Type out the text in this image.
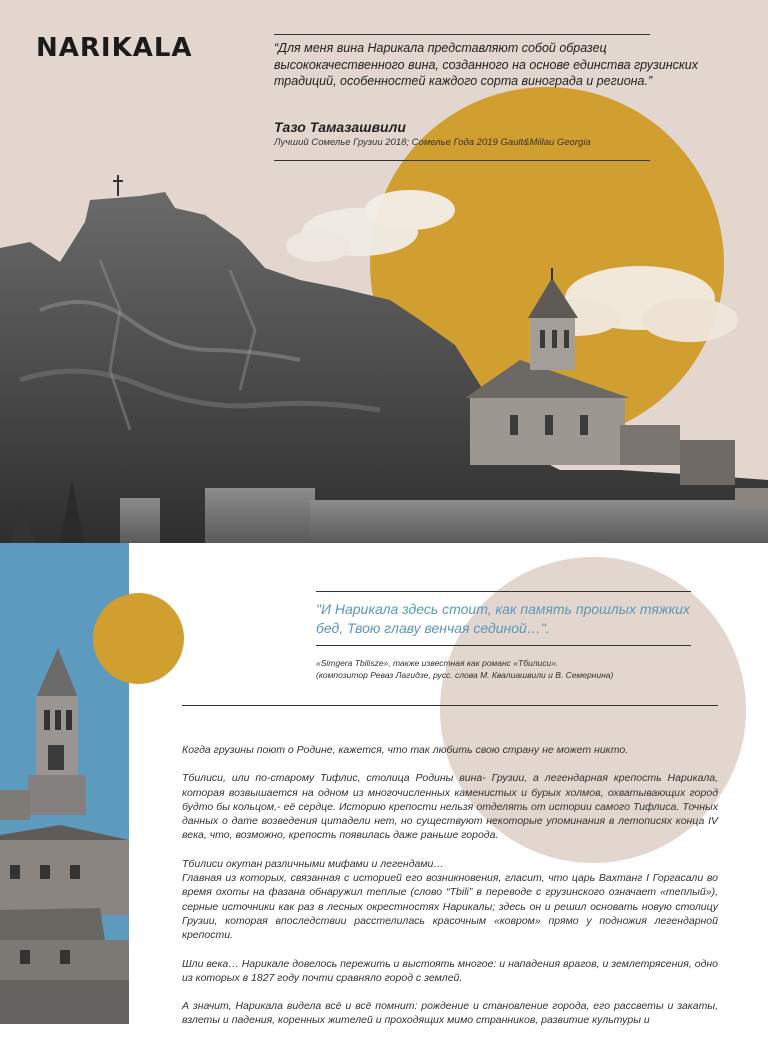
NARIKALA	“Для меня вина Нарикала представляют собой образец высококачественного вина, созданного на основе единства грузинских традиций, особенностей каждого сорта винограда и региона.”
Тазо Тамазашвили
Лучший Сомелье Грузии 2018; Сомелье Года 2019 Gault&Millau Georgia
"И Нарикала здесь стоит, как память прошлых тяжких бед, Твою главу венчая сединой…".
«Simgera Tbilisze», также известная как романс «Тбилиси».
(композитор Реваз Лагидзе, русс. слова М. Квалиашвили и В. Семернина)

Когда грузины поют о Родине, кажется, что так любить свою страну не может никто.

Тбилиси, или по-старому Тифлис, столица Родины вина- Грузии, а легендарная крепость Нарикала, которая возвышается на одном из многочисленных каменистых и бурых холмов, охватывающих город будто бы кольцом,- её сердце. Историю крепости нельзя отделять от истории самого Тифлиса. Точных данных о дате возведения цитадели нет, но существуют некоторые упоминания в летописях конца IV века, что, возможно, крепость появилась даже раньше города.

Тбилиси окутан различными мифами и легендами…
Главная из которых, связанная с историей его возникновения, гласит, что царь Вахтанг I Горгасали во время охоты на фазана обнаружил теплые (слово “Tbili” в переводе с грузинского означает «теплый»), серные источники как раз в лесных окрестностях Нарикалы; здесь он и решил основать новую столицу Грузии, которая впоследствии расстелилась красочным «ковром» прямо у подножия легендарной крепости.

Шли века… Нарикале довелось пережить и выстоять многое: и нападения врагов, и землетрясения, одно из которых в 1827 году почти сравняло город с землей.

А значит, Нарикала видела всё и всё помнит: рождение и становление города, его рассветы и закаты, взлеты и падения, коренных жителей и проходящих мимо странников, развитие культуры и
